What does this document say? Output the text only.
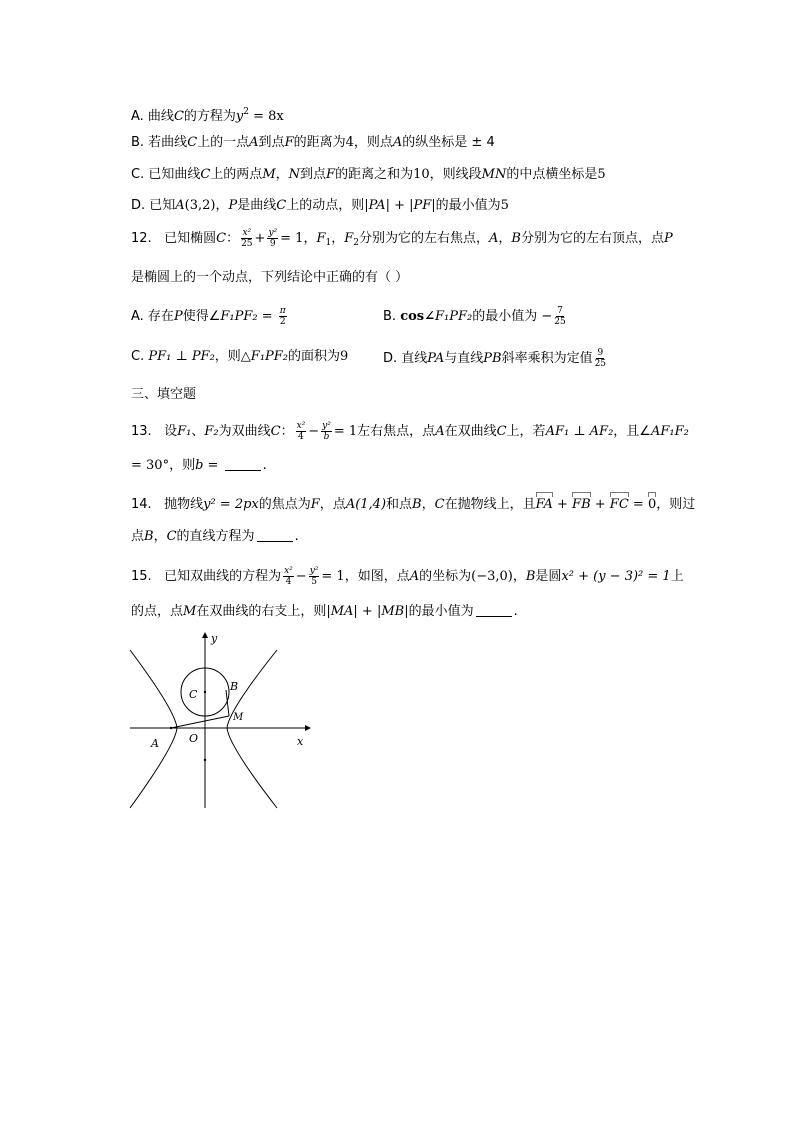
A. 曲线C的方程为$y^2 = 8x$
B. 若曲线C上的一点A到点F的距离为4，则点A的纵坐标是 ± 4
C. 已知曲线C上的两点M，N到点F的距离之和为10，则线段MN的中点横坐标是5
D. 已知A(3,2)，P是曲线C上的动点，则|PA| + |PF|的最小值为5
12. 已知椭圆C： $\frac{\text{x²}}{25} + \frac{\text{y²}}{9} = 1$，$F_1$，$F_2$分别为它的左右焦点，A，B分别为它的左右顶点，点P
是椭圆上的一个动点，下列结论中正确的有（ ）
A. 存在P使得∠F₁PF₂ = $\frac{\pi}{2}$	B. cos∠F₁PF₂的最小值为 − $\frac{7}{25}$
C. PF₁ ⊥ PF₂，则△F₁PF₂的面积为9	D. 直线PA与直线PB斜率乘积为定值 $\frac{9}{25}$
三、填空题
13. 设F₁、F₂为双曲线C： $\frac{\text{x²}}{4} - \frac{\text{y²}}{b} = 1$左右焦点，点A在双曲线C上，若AF₁ ⊥ AF₂，且∠AF₁F₂
= 30°，则b =	.
14. 抛物线y² = 2px的焦点为F，点A(1,4)和点B，C在抛物线上，且FA + FB + FC = 0，则过
点B，C的直线方程为	.
15. 已知双曲线的方程为 $\frac{\text{x²}}{4} - \frac{\text{y²}}{5} = 1$，如图，点A的坐标为(−3,0)，B是圆x² + (y − 3)² = 1上
的点，点M在双曲线的右支上，则|MA| + |MB|的最小值为	.
y
x
C
B
M
A	O
